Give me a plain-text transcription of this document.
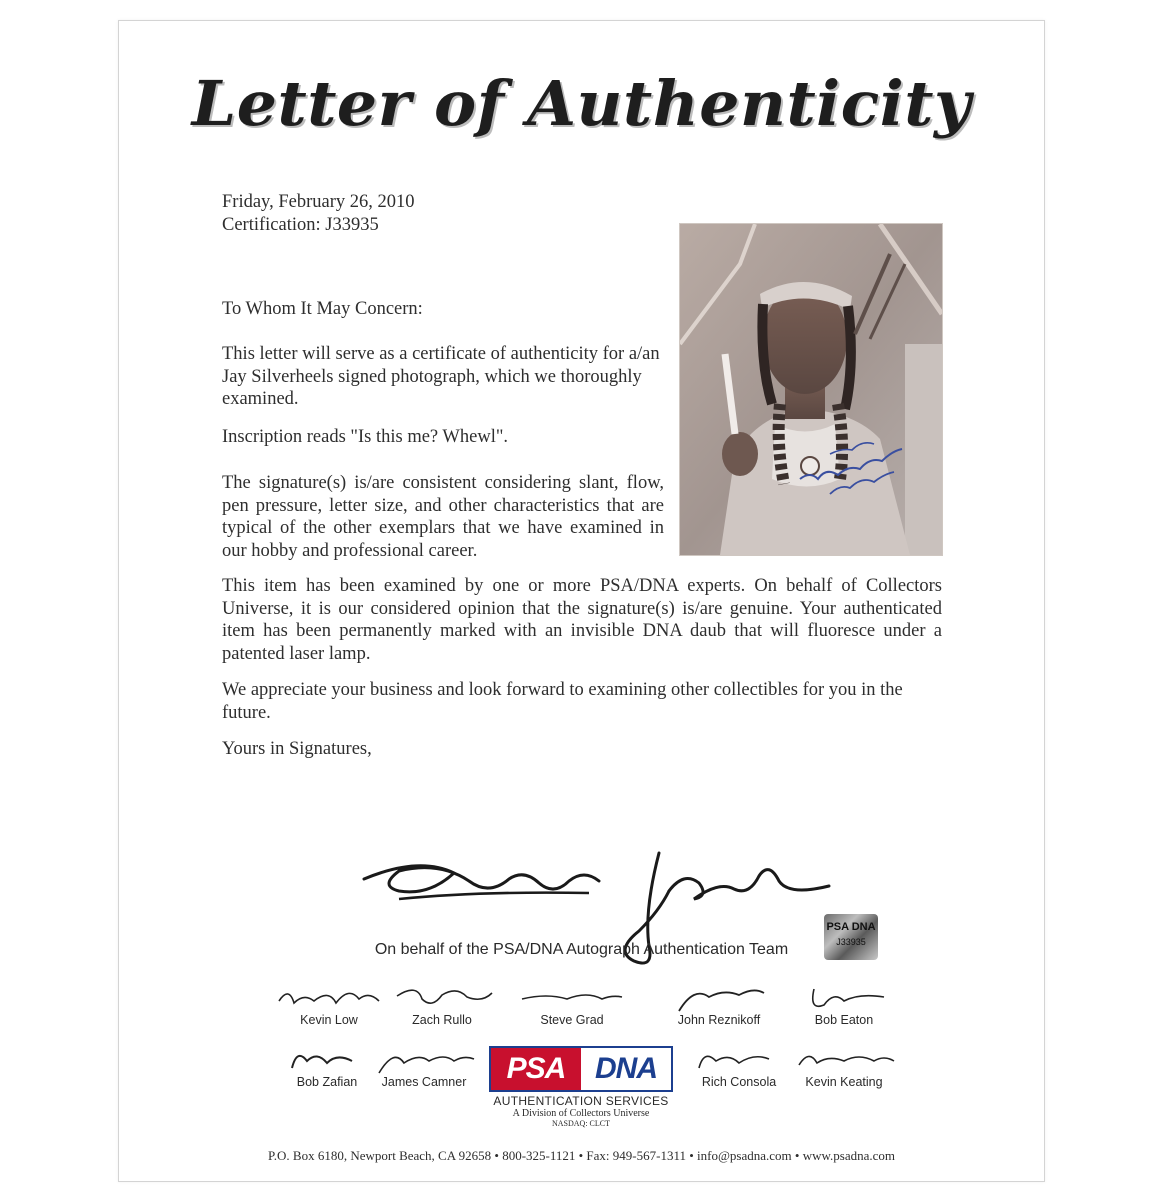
Letter of Authenticity
Friday, February 26, 2010
Certification: J33935
To Whom It May Concern:
This letter will serve as a certificate of authenticity for a/an Jay Silverheels signed photograph, which we thoroughly examined.
Inscription reads "Is this me? Whewl".
The signature(s) is/are consistent considering slant, flow, pen pressure, letter size, and other characteristics that are typical of the other exemplars that we have examined in our hobby and professional career.
This item has been examined by one or more PSA/DNA experts. On behalf of Collectors Universe, it is our considered opinion that the signature(s) is/are genuine. Your authenticated item has been permanently marked with an invisible DNA daub that will fluoresce under a patented laser lamp.
We appreciate your business and look forward to examining other collectibles for you in the future.
Yours in Signatures,
On behalf of the PSA/DNA Autograph Authentication Team
PSA DNA
J33935
Kevin Low	Zach Rullo	Steve Grad	John Reznikoff	Bob Eaton
Bob Zafian	James Camner	Rich Consola	Kevin Keating
PSA DNA
AUTHENTICATION SERVICES
A Division of Collectors Universe
NASDAQ: CLCT
P.O. Box 6180, Newport Beach, CA 92658 • 800-325-1121 • Fax: 949-567-1311 • info@psadna.com • www.psadna.com
